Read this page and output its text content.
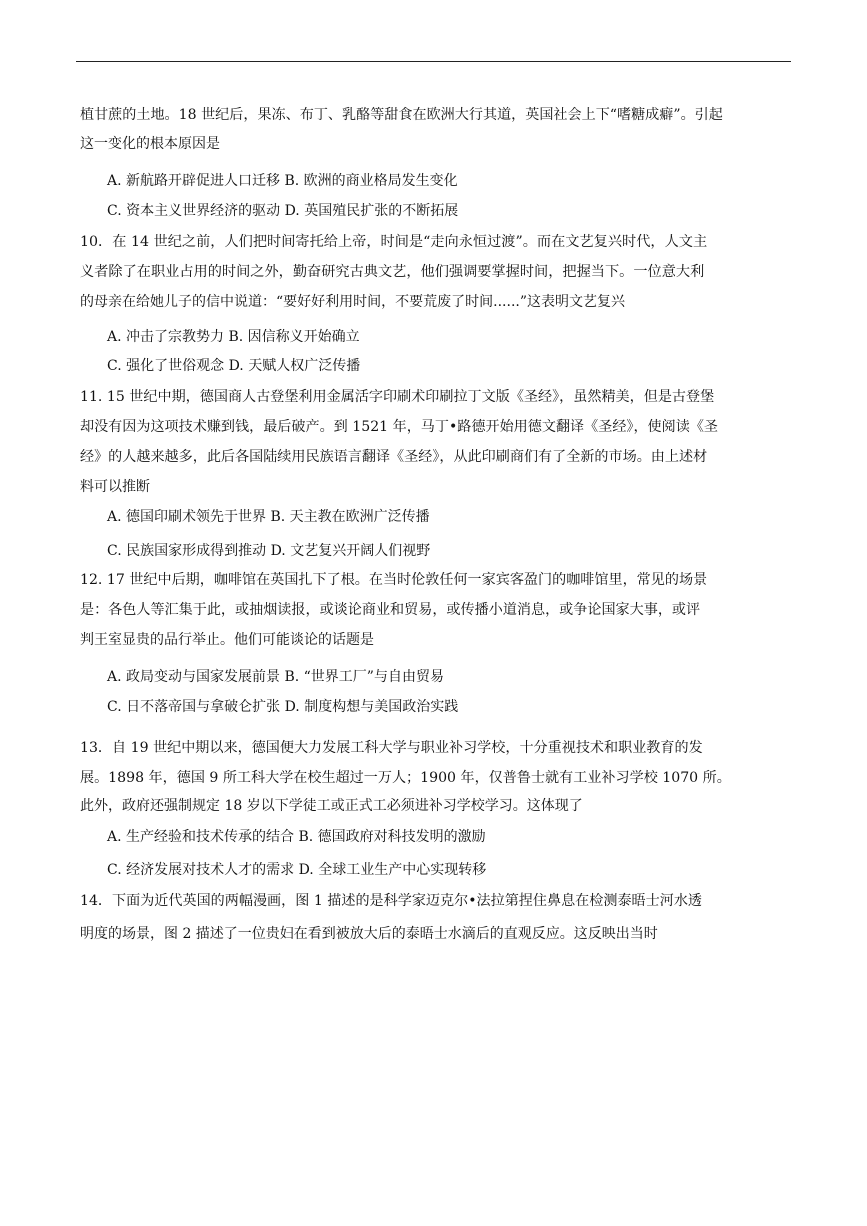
植甘蔗的土地。18 世纪后，果冻、布丁、乳酪等甜食在欧洲大行其道，英国社会上下“嗜糖成癖”。引起
这一变化的根本原因是
A. 新航路开辟促进人口迁移 B. 欧洲的商业格局发生变化
C. 资本主义世界经济的驱动 D. 英国殖民扩张的不断拓展
10．在 14 世纪之前，人们把时间寄托给上帝，时间是“走向永恒过渡”。而在文艺复兴时代，人文主
义者除了在职业占用的时间之外，勤奋研究古典文艺，他们强调要掌握时间，把握当下。一位意大利
的母亲在给她儿子的信中说道：“要好好利用时间，不要荒废了时间......”这表明文艺复兴
A. 冲击了宗教势力 B. 因信称义开始确立
C. 强化了世俗观念 D. 天赋人权广泛传播
11. 15 世纪中期，德国商人古登堡利用金属活字印刷术印刷拉丁文版《圣经》，虽然精美，但是古登堡
却没有因为这项技术赚到钱，最后破产。到 1521 年，马丁•路德开始用德文翻译《圣经》，使阅读《圣
经》的人越来越多，此后各国陆续用民族语言翻译《圣经》，从此印刷商们有了全新的市场。由上述材
料可以推断
A. 德国印刷术领先于世界 B. 天主教在欧洲广泛传播
C. 民族国家形成得到推动 D. 文艺复兴开阔人们视野
12. 17 世纪中后期，咖啡馆在英国扎下了根。在当时伦敦任何一家宾客盈门的咖啡馆里，常见的场景
是：各色人等汇集于此，或抽烟读报，或谈论商业和贸易，或传播小道消息，或争论国家大事，或评
判王室显贵的品行举止。他们可能谈论的话题是
A. 政局变动与国家发展前景 B. “世界工厂”与自由贸易
C. 日不落帝国与拿破仑扩张 D. 制度构想与美国政治实践
13．自 19 世纪中期以来，德国便大力发展工科大学与职业补习学校，十分重视技术和职业教育的发
展。1898 年，德国 9 所工科大学在校生超过一万人；1900 年，仅普鲁士就有工业补习学校 1070 所。
此外，政府还强制规定 18 岁以下学徒工或正式工必须进补习学校学习。这体现了
A. 生产经验和技术传承的结合 B. 德国政府对科技发明的激励
C. 经济发展对技术人才的需求 D. 全球工业生产中心实现转移
14．下面为近代英国的两幅漫画，图 1 描述的是科学家迈克尔•法拉第捏住鼻息在检测泰晤士河水透
明度的场景，图 2 描述了一位贵妇在看到被放大后的泰晤士水滴后的直观反应。这反映出当时
